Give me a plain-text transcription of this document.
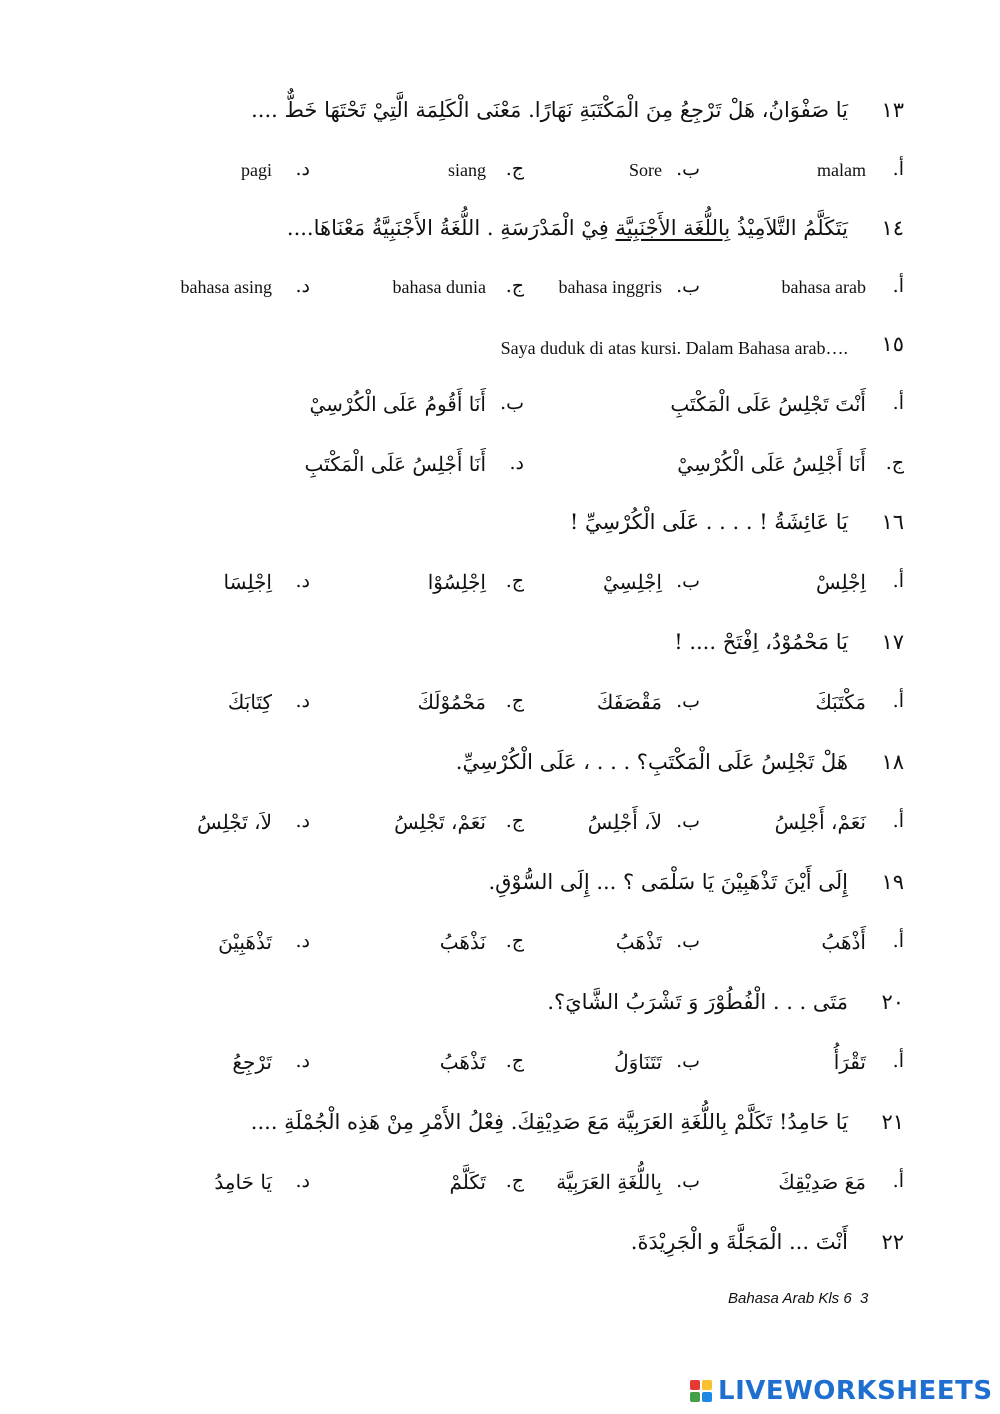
١٣
يَا صَفْوَانُ، هَلْ تَرْجِعُ مِنَ الْمَكْتَبَةِ نَهَارًا. مَعْنَى الْكَلِمَة الَّتِيْ تَحْتَهَا خَطٌّ ....
أ.
malam
ب.
Sore
ج.
siang
د.
pagi
١٤
يَتَكَلَّمُ التَّلاَمِيْذُ بِاللُّغَة الأَجْنَبِيَّة فِيْ الْمَدْرَسَةِ . اللُّغَةُ الأَجْنَبِيَّةُ مَعْنَاهَا....
أ.
bahasa arab
ب.
bahasa inggris
ج.
bahasa dunia
د.
bahasa asing
١٥
Saya duduk di atas kursi. Dalam Bahasa arab….
أ.
أَنْتَ تَجْلِسُ عَلَى الْمَكْتَبِ
ب.
أَنَا أَقُومُ عَلَى الْكُرْسِيْ
ج.
أَنَا أَجْلِسُ عَلَى الْكُرْسِيْ
د.
أَنَا أَجْلِسُ عَلَى الْمَكْتَبِ
١٦
يَا عَائِشَةُ ! . . . . عَلَى الْكُرْسِيِّ !
أ.
اِجْلِسْ
ب.
اِجْلِسِيْ
ج.
اِجْلِسُوْا
د.
اِجْلِسَا
١٧
يَا مَحْمُوْدُ، اِفْتَحْ .... !
أ.
مَكْتَبَكَ
ب.
مَقْصَفَكَ
ج.
مَحْمُوْلَكَ
د.
كِتَابَكَ
١٨
هَلْ تَجْلِسُ عَلَى الْمَكْتَبِ؟ . . . ، عَلَى الْكُرْسِيِّ.
أ.
نَعَمْ، أَجْلِسُ
ب.
لاَ، أَجْلِسُ
ج.
نَعَمْ، تَجْلِسُ
د.
لاَ، تَجْلِسُ
١٩
إِلَى أَيْنَ تَذْهَبِيْنَ يَا سَلْمَى ؟ ... إِلَى السُّوْقِ.
أ.
أَذْهَبُ
ب.
تَذْهَبُ
ج.
نَذْهَبُ
د.
تَذْهَبِيْنَ
٢٠
مَتَى . . . الْفُطُوْرَ وَ تَشْرَبُ الشَّايَ؟.
أ.
تَقْرَأُ
ب.
تَتَنَاوَلُ
ج.
تَذْهَبُ
د.
تَرْجِعُ
٢١
يَا حَامِدُ! تَكَلَّمْ بِاللُّغَةِ العَرَبِيَّة مَعَ صَدِيْقِكَ. فِعْلُ الأَمْرِ مِنْ هَذِه الْجُمْلَةِ ....
أ.
مَعَ صَدِيْقِكَ
ب.
بِاللُّغَةِ العَرَبِيَّة
ج.
تَكَلَّمْ
د.
يَا حَامِدُ
٢٢
أَنْتَ ... الْمَجَلَّةَ و الْجَرِيْدَةَ.
Bahasa Arab Kls 6 3
LIVEWORKSHEETS
